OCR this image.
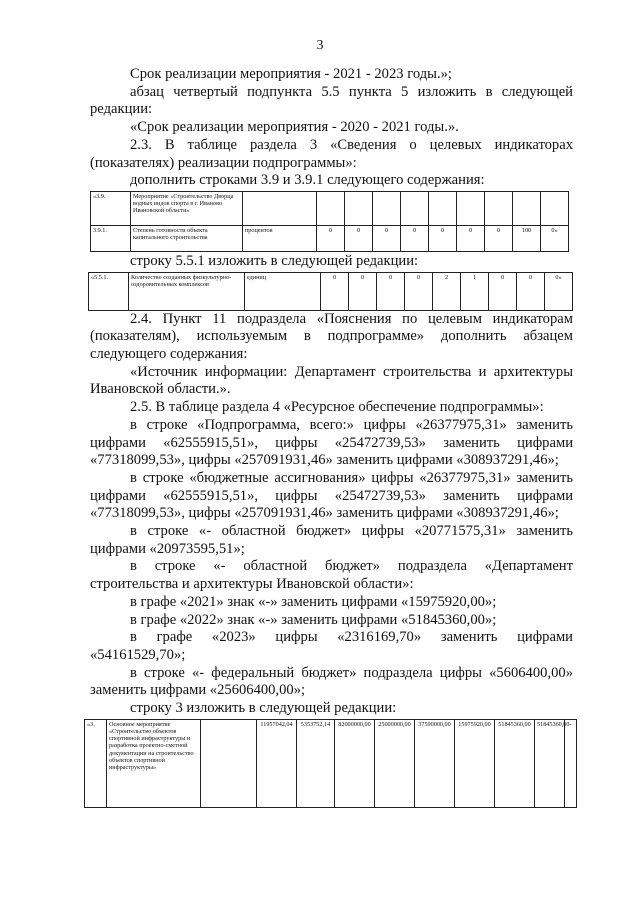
3

Срок реализации мероприятия - 2021 - 2023 годы.»;

абзац четвертый подпункта 5.5 пункта 5 изложить в следующей редакции:

«Срок реализации мероприятия - 2020 - 2021 годы.».

2.3. В таблице раздела 3 «Сведения о целевых индикаторах (показателях) реализации подпрограммы»:

дополнить строками 3.9 и 3.9.1 следующего содержания:

«3.9.	Мероприятие «Строительство Дворца водных видов спорта в г. Иваново Ивановской области»										
3.9.1.	Степень готовности объекта капитального строительства	процентов	0	0	0	0	0	0	0	100	0»

строку 5.5.1 изложить в следующей редакции:

«5.5.1.	Количество созданных физкультурно-оздоровительных комплексов	единиц	0	0	0	0	2	1	0	0	0»

2.4. Пункт 11 подраздела «Пояснения по целевым индикаторам (показателям), используемым в подпрограмме» дополнить абзацем следующего содержания:

«Источник информации: Департамент строительства и архитектуры Ивановской области.».

2.5. В таблице раздела 4 «Ресурсное обеспечение подпрограммы»:

в строке «Подпрограмма, всего:» цифры «26377975,31» заменить цифрами «62555915,51», цифры «25472739,53» заменить цифрами «77318099,53», цифры «257091931,46» заменить цифрами «308937291,46»;

в строке «бюджетные ассигнования» цифры «26377975,31» заменить цифрами «62555915,51», цифры «25472739,53» заменить цифрами «77318099,53», цифры «257091931,46» заменить цифрами «308937291,46»;

в строке «- областной бюджет» цифры «20771575,31» заменить цифрами «20973595,51»;

в строке «- областной бюджет» подраздела «Департамент строительства и архитектуры Ивановской области»:

в графе «2021» знак «-» заменить цифрами «15975920,00»;

в графе «2022» знак «-» заменить цифрами «51845360,00»;

в графе «2023» цифры «2316169,70» заменить цифрами «54161529,70»;

в строке «- федеральный бюджет» подраздела цифры «5606400,00» заменить цифрами «25606400,00»;

строку 3 изложить в следующей редакции:

«3.	Основное мероприятие «Строительство объектов спортивной инфраструктуры и разработка проектно-сметной документации на строительство объектов спортивной инфраструктуры»		11957042,04	5353752,14	82000000,00	25000000,00	37590000,00	15975920,00	51845360,00	51845360,00	-
